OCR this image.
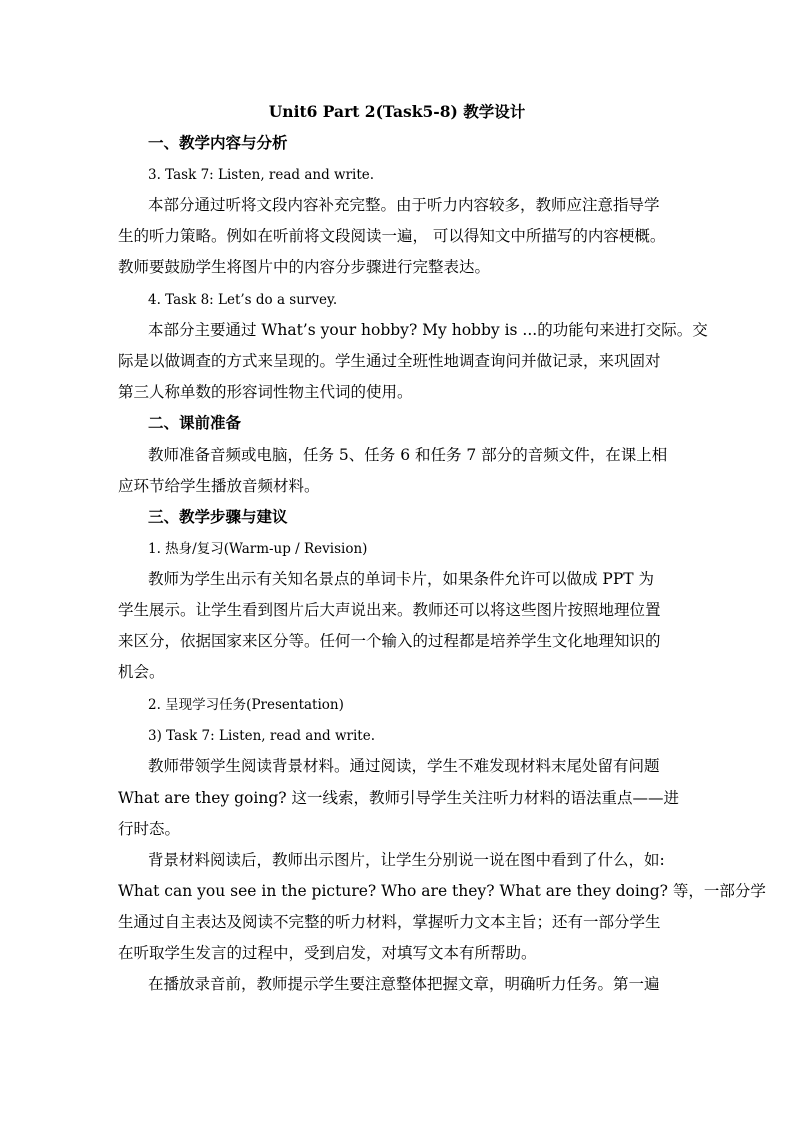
Unit6 Part 2(Task5-8) 教学设计
一、教学内容与分析
3. Task 7: Listen, read and write.
本部分通过听将文段内容补充完整。由于听力内容较多，教师应注意指导学
生的听力策略。例如在听前将文段阅读一遍， 可以得知文中所描写的内容梗概。
教师要鼓励学生将图片中的内容分步骤进行完整表达。
4. Task 8: Let’s do a survey.
本部分主要通过 What’s your hobby? My hobby is ...的功能句来进打交际。交
际是以做调查的方式来呈现的。学生通过全班性地调查询问并做记录，来巩固对
第三人称单数的形容词性物主代词的使用。
二、课前准备
教师准备音频或电脑，任务 5、任务 6 和任务 7 部分的音频文件，在课上相
应环节给学生播放音频材料。
三、教学步骤与建议
1. 热身/复习(Warm-up / Revision)
教师为学生出示有关知名景点的单词卡片，如果条件允许可以做成 PPT 为
学生展示。让学生看到图片后大声说出来。教师还可以将这些图片按照地理位置
来区分，依据国家来区分等。任何一个输入的过程都是培养学生文化地理知识的
机会。
2. 呈现学习任务(Presentation)
3) Task 7: Listen, read and write.
教师带领学生阅读背景材料。通过阅读，学生不难发现材料末尾处留有问题
What are they going? 这一线索，教师引导学生关注听力材料的语法重点——进
行时态。
背景材料阅读后，教师出示图片，让学生分别说一说在图中看到了什么，如:
What can you see in the picture? Who are they? What are they doing? 等，一部分学
生通过自主表达及阅读不完整的听力材料，掌握听力文本主旨；还有一部分学生
在听取学生发言的过程中，受到启发，对填写文本有所帮助。
在播放录音前，教师提示学生要注意整体把握文章，明确听力任务。第一遍
